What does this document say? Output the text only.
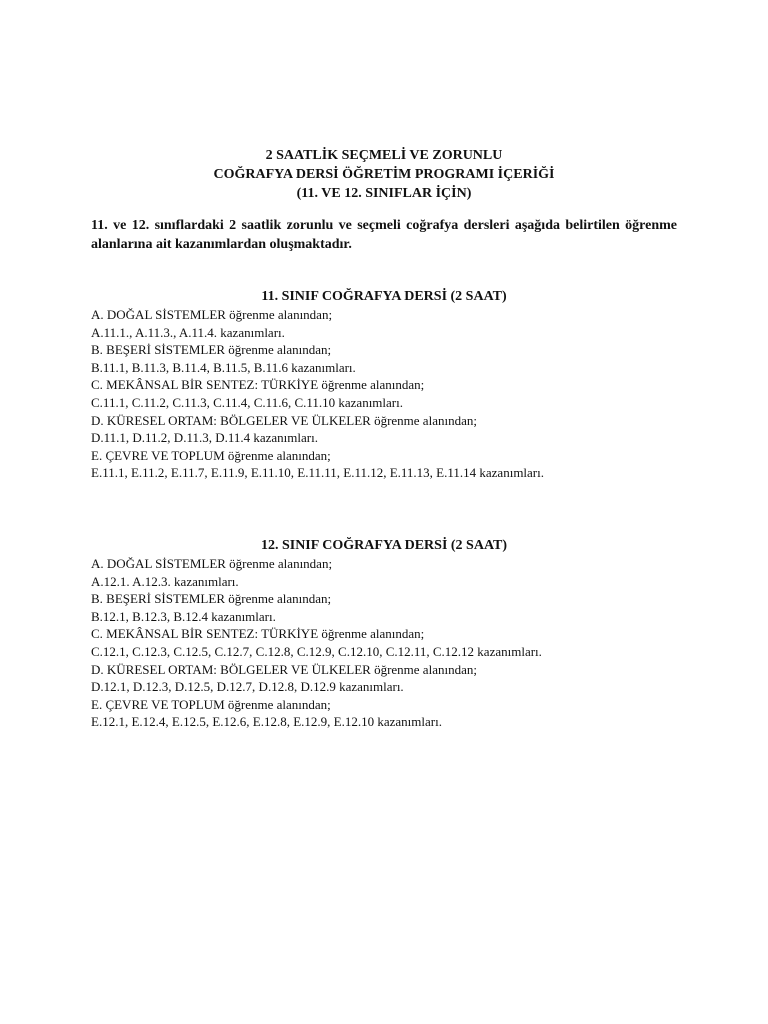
2 SAATLİK SEÇMELİ VE ZORUNLU
COĞRAFYA DERSİ ÖĞRETİM PROGRAMI İÇERİĞİ
(11. VE 12. SINIFLAR İÇİN)
11. ve 12. sınıflardaki 2 saatlik zorunlu ve seçmeli coğrafya dersleri aşağıda belirtilen öğrenme alanlarına ait kazanımlardan oluşmaktadır.
11. SINIF COĞRAFYA DERSİ (2 SAAT)
A. DOĞAL SİSTEMLER öğrenme alanından;
A.11.1., A.11.3., A.11.4. kazanımları.
B. BEŞERİ SİSTEMLER öğrenme alanından;
B.11.1, B.11.3, B.11.4, B.11.5, B.11.6 kazanımları.
C. MEKÂNSAL BİR SENTEZ: TÜRKİYE öğrenme alanından;
C.11.1, C.11.2, C.11.3, C.11.4, C.11.6, C.11.10 kazanımları.
D. KÜRESEL ORTAM: BÖLGELER VE ÜLKELER öğrenme alanından;
D.11.1, D.11.2, D.11.3, D.11.4 kazanımları.
E. ÇEVRE VE TOPLUM öğrenme alanından;
E.11.1, E.11.2, E.11.7, E.11.9, E.11.10, E.11.11, E.11.12, E.11.13, E.11.14 kazanımları.
12. SINIF COĞRAFYA DERSİ (2 SAAT)
A. DOĞAL SİSTEMLER öğrenme alanından;
A.12.1. A.12.3. kazanımları.
B. BEŞERİ SİSTEMLER öğrenme alanından;
B.12.1, B.12.3, B.12.4 kazanımları.
C. MEKÂNSAL BİR SENTEZ: TÜRKİYE öğrenme alanından;
C.12.1, C.12.3, C.12.5, C.12.7, C.12.8, C.12.9, C.12.10, C.12.11, C.12.12 kazanımları.
D. KÜRESEL ORTAM: BÖLGELER VE ÜLKELER öğrenme alanından;
D.12.1, D.12.3, D.12.5, D.12.7, D.12.8, D.12.9 kazanımları.
E. ÇEVRE VE TOPLUM öğrenme alanından;
E.12.1, E.12.4, E.12.5, E.12.6, E.12.8, E.12.9, E.12.10 kazanımları.
